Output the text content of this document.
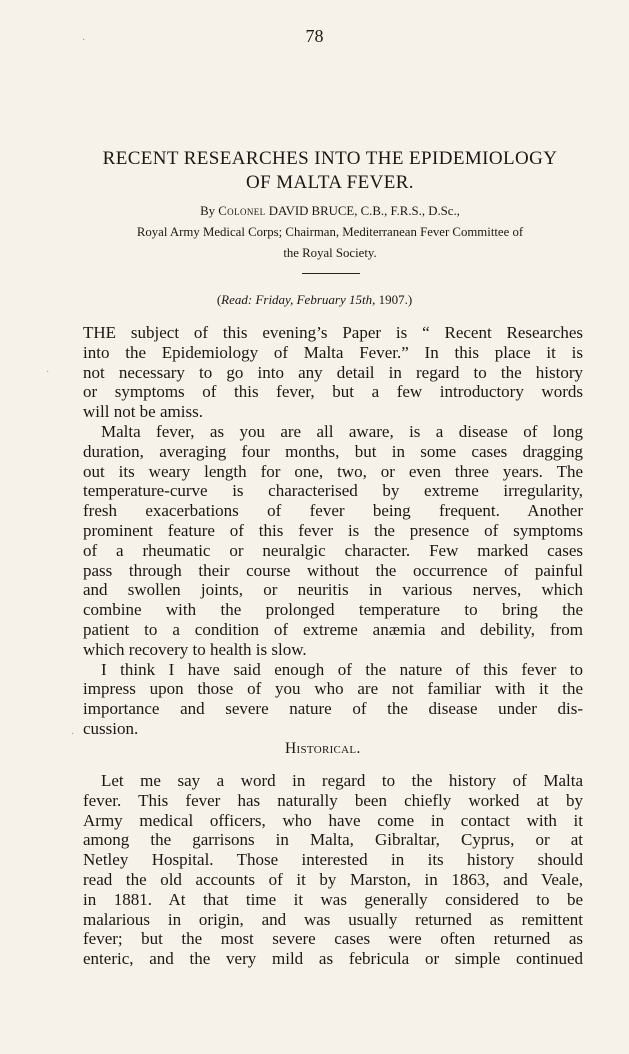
78
RECENT RESEARCHES INTO THE EPIDEMIOLOGY
OF MALTA FEVER.
By Colonel DAVID BRUCE, C.B., F.R.S., D.Sc.,
Royal Army Medical Corps; Chairman, Mediterranean Fever Committee of
the Royal Society.
(Read: Friday, February 15th, 1907.)
THE subject of this evening’s Paper is “ Recent Researches
into the Epidemiology of Malta Fever.” In this place it is
not necessary to go into any detail in regard to the history
or symptoms of this fever, but a few introductory words
will not be amiss.
Malta fever, as you are all aware, is a disease of long
duration, averaging four months, but in some cases dragging
out its weary length for one, two, or even three years. The
temperature-curve is characterised by extreme irregularity,
fresh exacerbations of fever being frequent. Another
prominent feature of this fever is the presence of symptoms
of a rheumatic or neuralgic character. Few marked cases
pass through their course without the occurrence of painful
and swollen joints, or neuritis in various nerves, which
combine with the prolonged temperature to bring the
patient to a condition of extreme anæmia and debility, from
which recovery to health is slow.
I think I have said enough of the nature of this fever to
impress upon those of you who are not familiar with it the
importance and severe nature of the disease under dis-
cussion.
Historical.
Let me say a word in regard to the history of Malta
fever. This fever has naturally been chiefly worked at by
Army medical officers, who have come in contact with it
among the garrisons in Malta, Gibraltar, Cyprus, or at
Netley Hospital. Those interested in its history should
read the old accounts of it by Marston, in 1863, and Veale,
in 1881. At that time it was generally considered to be
malarious in origin, and was usually returned as remittent
fever; but the most severe cases were often returned as
enteric, and the very mild as febricula or simple continued
·
·
·
